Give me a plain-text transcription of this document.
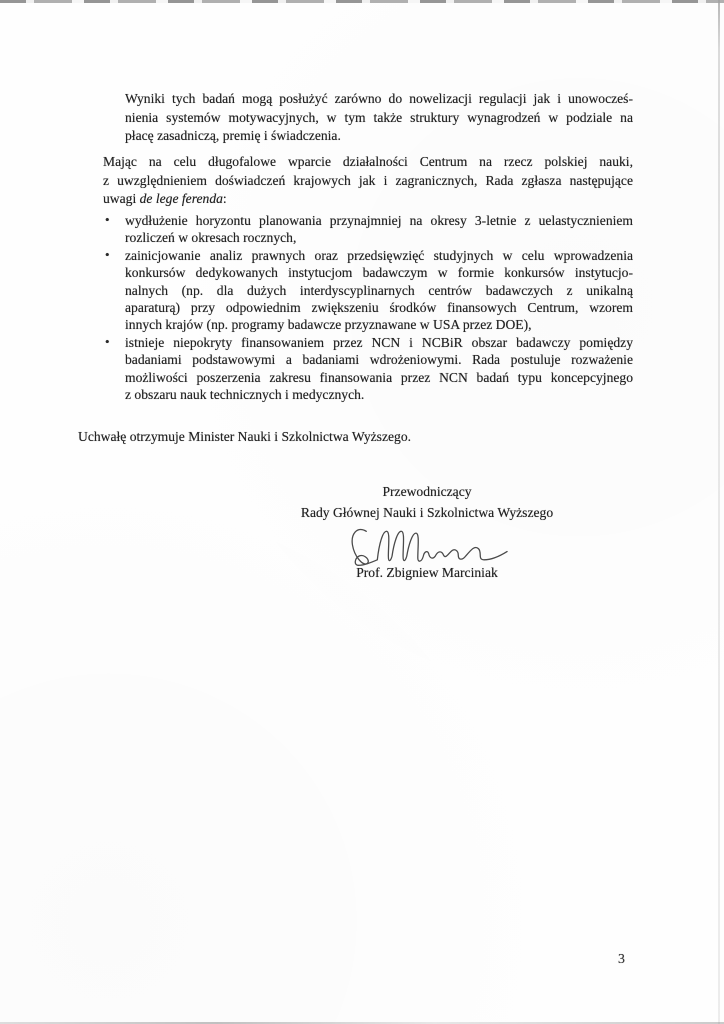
Wyniki tych badań mogą posłużyć zarówno do nowelizacji regulacji jak i unowocześ-
nienia systemów motywacyjnych, w tym także struktury wynagrodzeń w podziale na
płacę zasadniczą, premię i świadczenia.
Mając na celu długofalowe wparcie działalności Centrum na rzecz polskiej nauki,
z uwzględnieniem doświadczeń krajowych jak i zagranicznych, Rada zgłasza następujące
uwagi de lege ferenda:
• wydłużenie horyzontu planowania przynajmniej na okresy 3-letnie z uelastycznieniem
rozliczeń w okresach rocznych,
• zainicjowanie analiz prawnych oraz przedsięwzięć studyjnych w celu wprowadzenia
konkursów dedykowanych instytucjom badawczym w formie konkursów instytucjo-
nalnych (np. dla dużych interdyscyplinarnych centrów badawczych z unikalną
aparaturą) przy odpowiednim zwiększeniu środków finansowych Centrum, wzorem
innych krajów (np. programy badawcze przyznawane w USA przez DOE),
• istnieje niepokryty finansowaniem przez NCN i NCBiR obszar badawczy pomiędzy
badaniami podstawowymi a badaniami wdrożeniowymi. Rada postuluje rozważenie
możliwości poszerzenia zakresu finansowania przez NCN badań typu koncepcyjnego
z obszaru nauk technicznych i medycznych.
Uchwałę otrzymuje Minister Nauki i Szkolnictwa Wyższego.
Przewodniczący
Rady Głównej Nauki i Szkolnictwa Wyższego
Prof. Zbigniew Marciniak
3
